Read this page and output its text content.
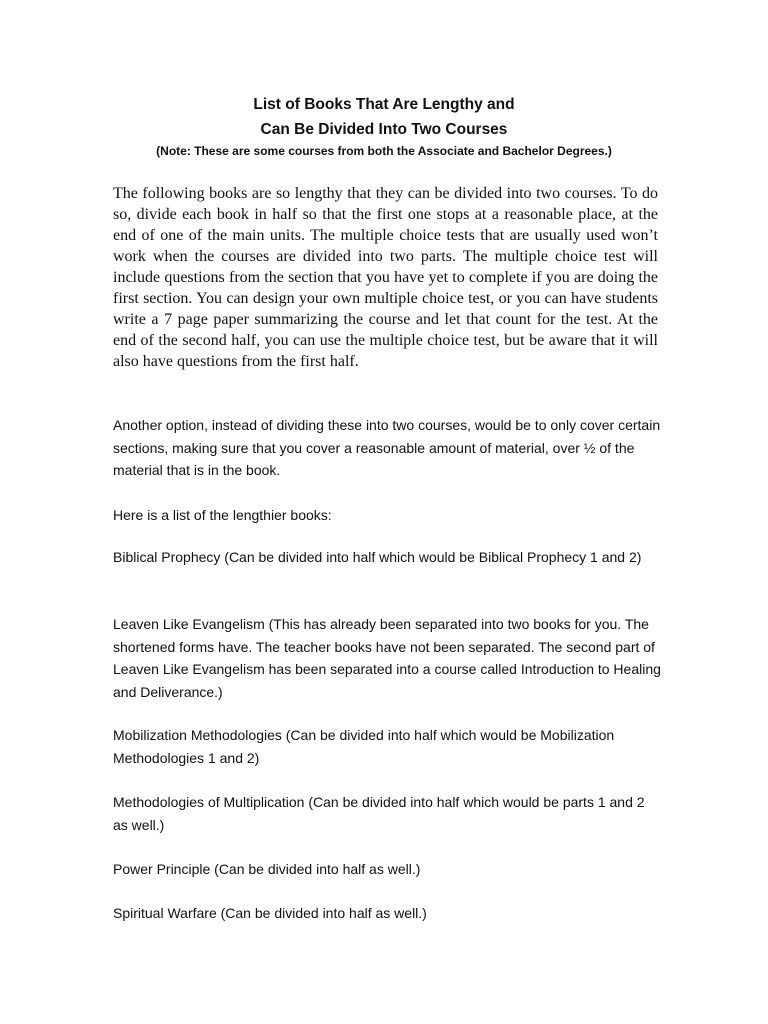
List of Books That Are Lengthy and
Can Be Divided Into Two Courses

(Note: These are some courses from both the Associate and Bachelor Degrees.)

The following books are so lengthy that they can be divided into two courses. To do so, divide each book in half so that the first one stops at a reasonable place, at the end of one of the main units. The multiple choice tests that are usually used won’t work when the courses are divided into two parts. The multiple choice test will include questions from the section that you have yet to complete if you are doing the first section. You can design your own multiple choice test, or you can have students write a 7 page paper summarizing the course and let that count for the test. At the end of the second half, you can use the multiple choice test, but be aware that it will also have questions from the first half.

Another option, instead of dividing these into two courses, would be to only cover certain sections, making sure that you cover a reasonable amount of material, over ½ of the material that is in the book.

Here is a list of the lengthier books:

Biblical Prophecy (Can be divided into half which would be Biblical Prophecy 1 and 2)

Leaven Like Evangelism (This has already been separated into two books for you. The shortened forms have. The teacher books have not been separated. The second part of Leaven Like Evangelism has been separated into a course called Introduction to Healing and Deliverance.)

Mobilization Methodologies (Can be divided into half which would be Mobilization Methodologies 1 and 2)

Methodologies of Multiplication (Can be divided into half which would be parts 1 and 2 as well.)

Power Principle (Can be divided into half as well.)

Spiritual Warfare (Can be divided into half as well.)
